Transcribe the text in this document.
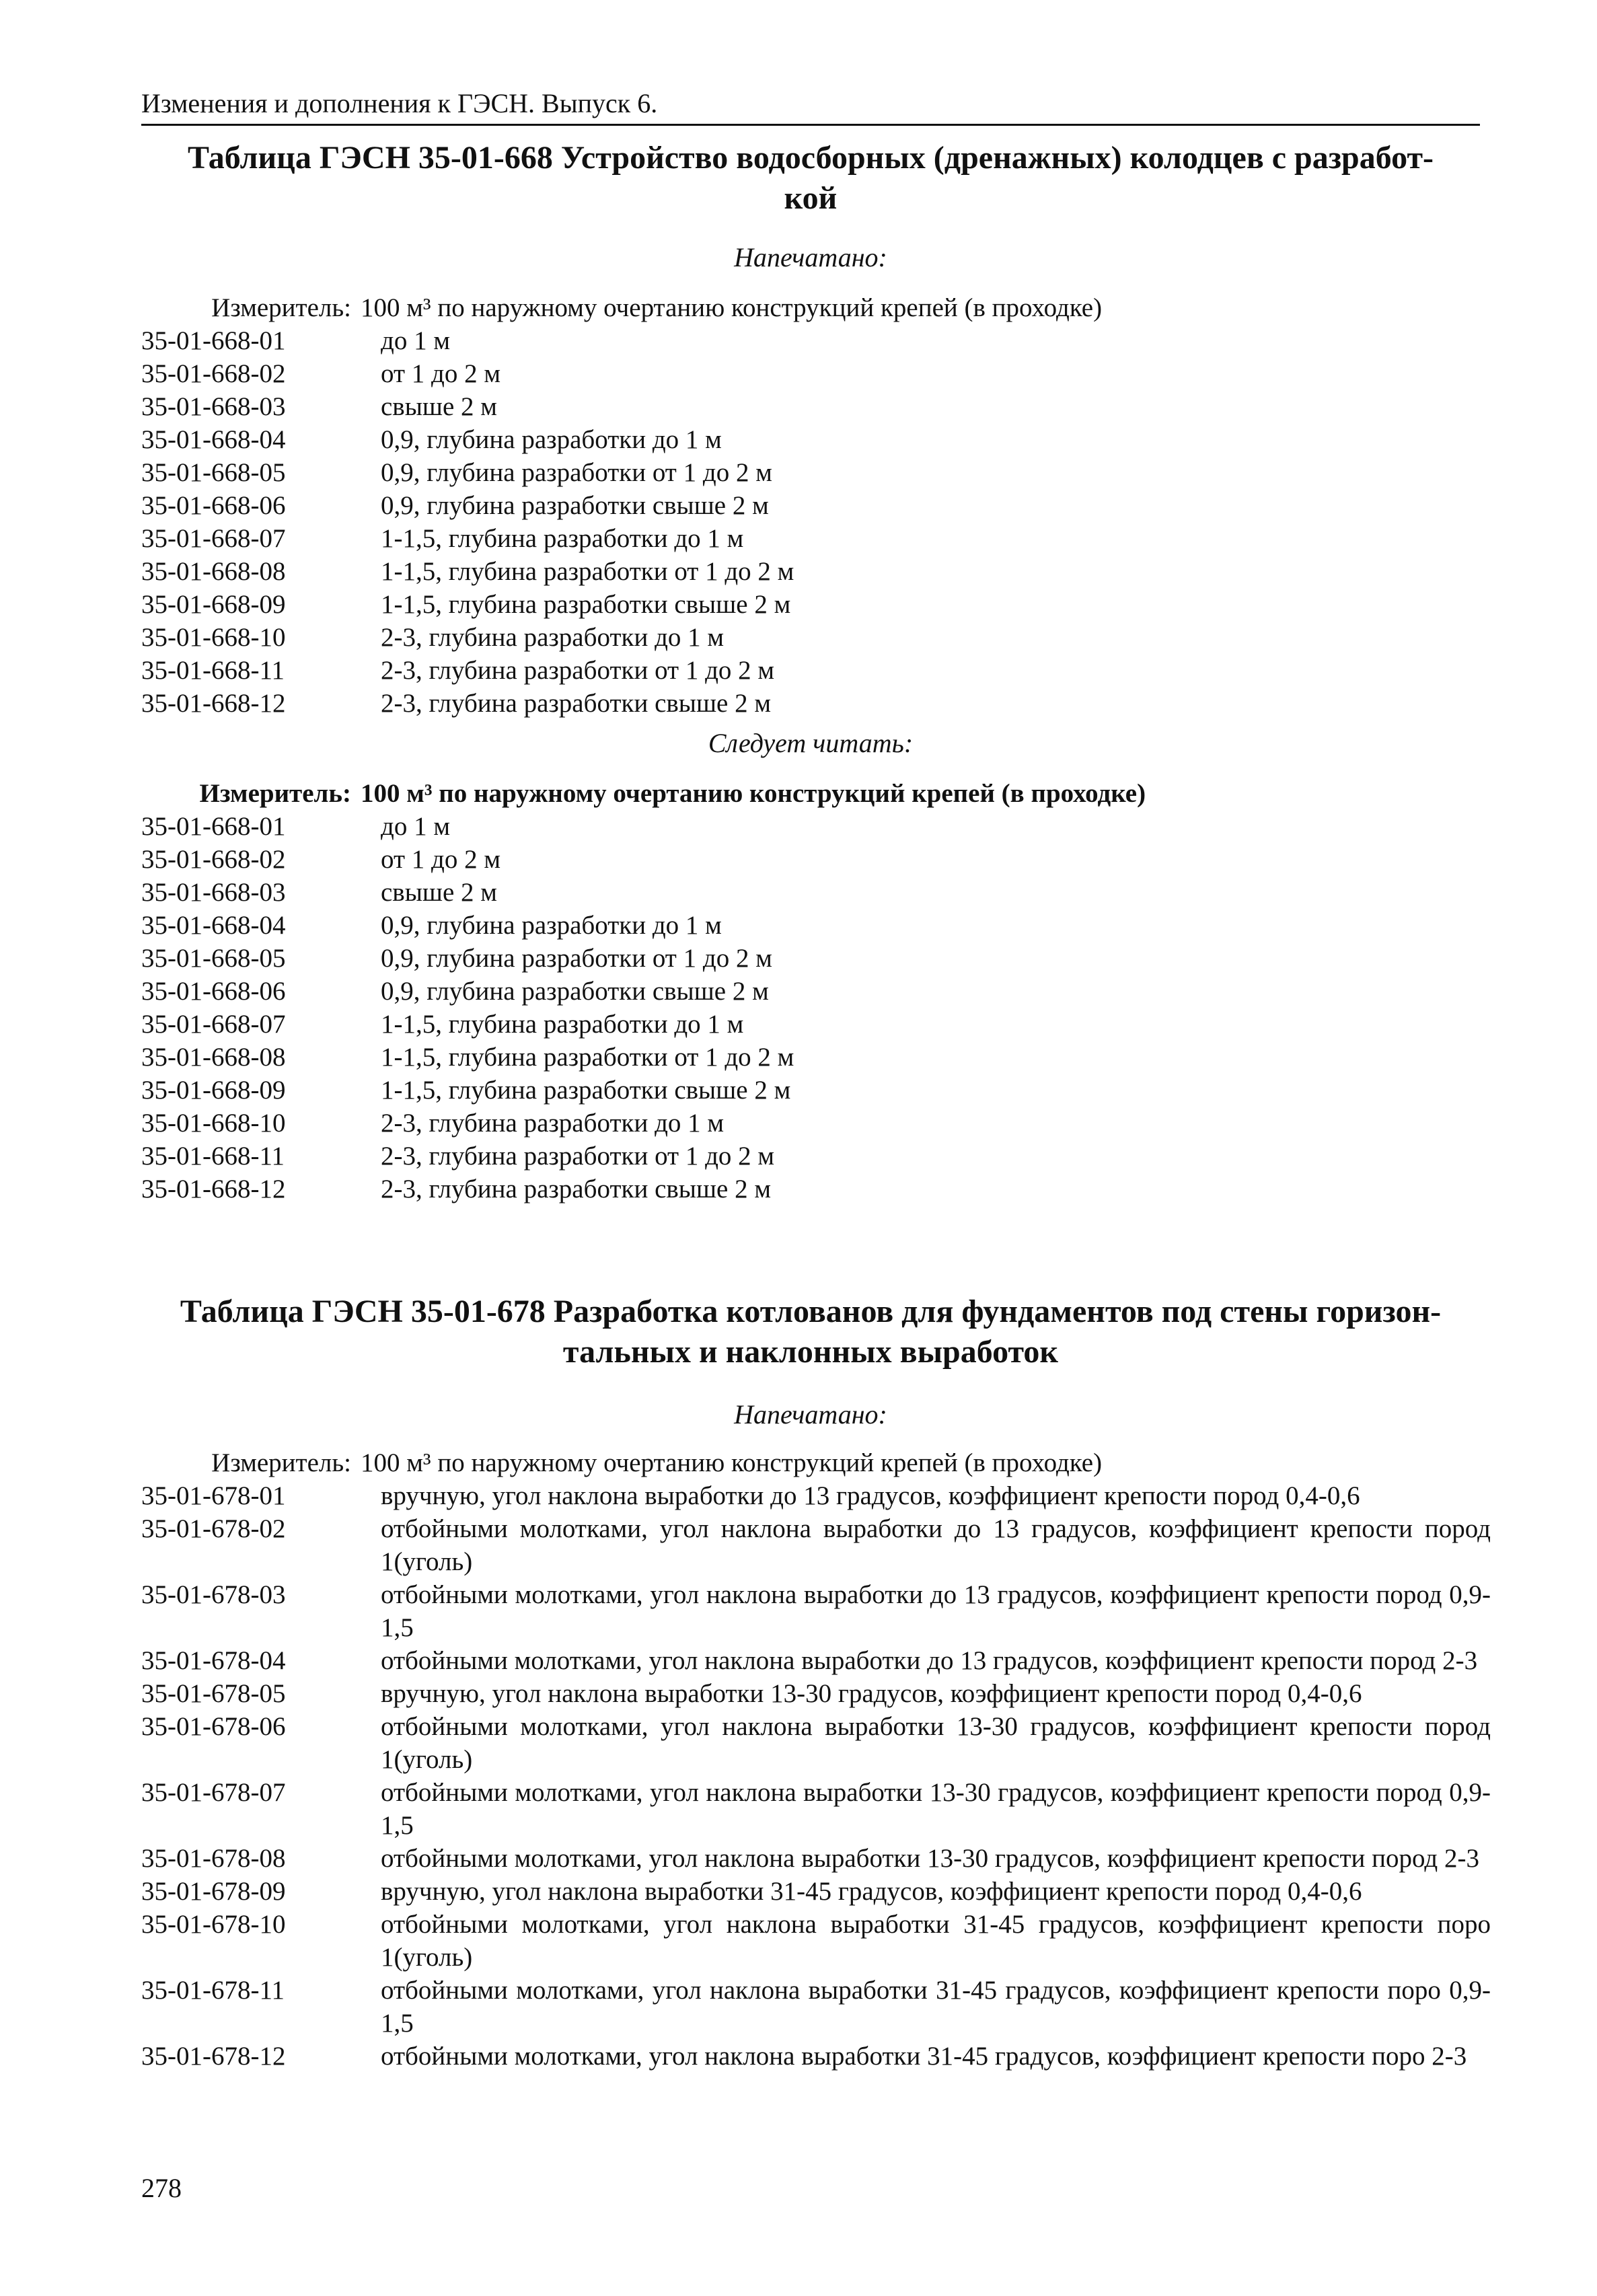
Изменения и дополнения к ГЭСН. Выпуск 6.
Таблица ГЭСН 35-01-668 Устройство водосборных (дренажных) колодцев с разработ-
кой
Напечатано:
Измеритель: 100 м³ по наружному очертанию конструкций крепей (в проходке)
35-01-668-01	до 1 м
35-01-668-02	от 1 до 2 м
35-01-668-03	свыше 2 м
35-01-668-04	0,9, глубина разработки до 1 м
35-01-668-05	0,9, глубина разработки от 1 до 2 м
35-01-668-06	0,9, глубина разработки свыше 2 м
35-01-668-07	1-1,5, глубина разработки до 1 м
35-01-668-08	1-1,5, глубина разработки от 1 до 2 м
35-01-668-09	1-1,5, глубина разработки свыше 2 м
35-01-668-10	2-3, глубина разработки до 1 м
35-01-668-11	2-3, глубина разработки от 1 до 2 м
35-01-668-12	2-3, глубина разработки свыше 2 м
Следует читать:
Измеритель: 100 м³ по наружному очертанию конструкций крепей (в проходке)
35-01-668-01	до 1 м
35-01-668-02	от 1 до 2 м
35-01-668-03	свыше 2 м
35-01-668-04	0,9, глубина разработки до 1 м
35-01-668-05	0,9, глубина разработки от 1 до 2 м
35-01-668-06	0,9, глубина разработки свыше 2 м
35-01-668-07	1-1,5, глубина разработки до 1 м
35-01-668-08	1-1,5, глубина разработки от 1 до 2 м
35-01-668-09	1-1,5, глубина разработки свыше 2 м
35-01-668-10	2-3, глубина разработки до 1 м
35-01-668-11	2-3, глубина разработки от 1 до 2 м
35-01-668-12	2-3, глубина разработки свыше 2 м
Таблица ГЭСН 35-01-678 Разработка котлованов для фундаментов под стены горизон-
тальных и наклонных выработок
Напечатано:
Измеритель: 100 м³ по наружному очертанию конструкций крепей (в проходке)
35-01-678-01	вручную, угол наклона выработки до 13 градусов, коэффициент крепости пород 0,4-0,6
35-01-678-02	отбойными молотками, угол наклона выработки до 13 градусов, коэффициент крепости пород 1(уголь)
35-01-678-03	отбойными молотками, угол наклона выработки до 13 градусов, коэффициент крепости пород 0,9-1,5
35-01-678-04	отбойными молотками, угол наклона выработки до 13 градусов, коэффициент крепости пород 2-3
35-01-678-05	вручную, угол наклона выработки 13-30 градусов, коэффициент крепости пород 0,4-0,6
35-01-678-06	отбойными молотками, угол наклона выработки 13-30 градусов, коэффициент крепости пород 1(уголь)
35-01-678-07	отбойными молотками, угол наклона выработки 13-30 градусов, коэффициент крепости пород 0,9-1,5
35-01-678-08	отбойными молотками, угол наклона выработки 13-30 градусов, коэффициент крепости пород 2-3
35-01-678-09	вручную, угол наклона выработки 31-45 градусов, коэффициент крепости пород 0,4-0,6
35-01-678-10	отбойными молотками, угол наклона выработки 31-45 градусов, коэффициент крепости поро 1(уголь)
35-01-678-11	отбойными молотками, угол наклона выработки 31-45 градусов, коэффициент крепости поро 0,9-1,5
35-01-678-12	отбойными молотками, угол наклона выработки 31-45 градусов, коэффициент крепости поро 2-3
278
